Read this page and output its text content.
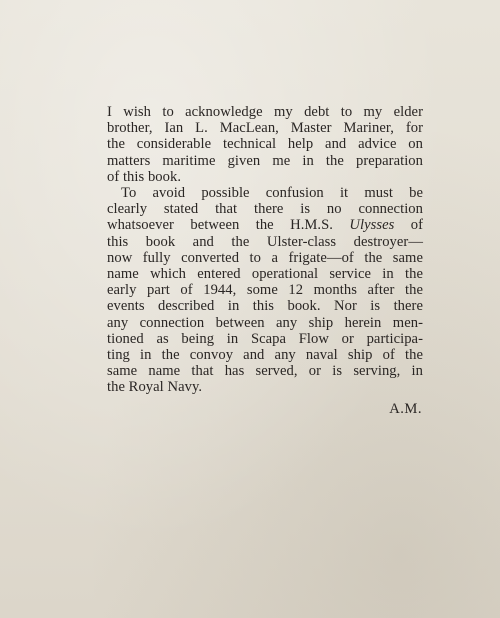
I wish to acknowledge my debt to my elder
brother, Ian L. MacLean, Master Mariner, for
the considerable technical help and advice on
matters maritime given me in the preparation
of this book.

To avoid possible confusion it must be
clearly stated that there is no connection
whatsoever between the H.M.S. Ulysses of
this book and the Ulster-class destroyer—
now fully converted to a frigate—of the same
name which entered operational service in the
early part of 1944, some 12 months after the
events described in this book. Nor is there
any connection between any ship herein men-
tioned as being in Scapa Flow or participa-
ting in the convoy and any naval ship of the
same name that has served, or is serving, in
the Royal Navy.

A.M.
